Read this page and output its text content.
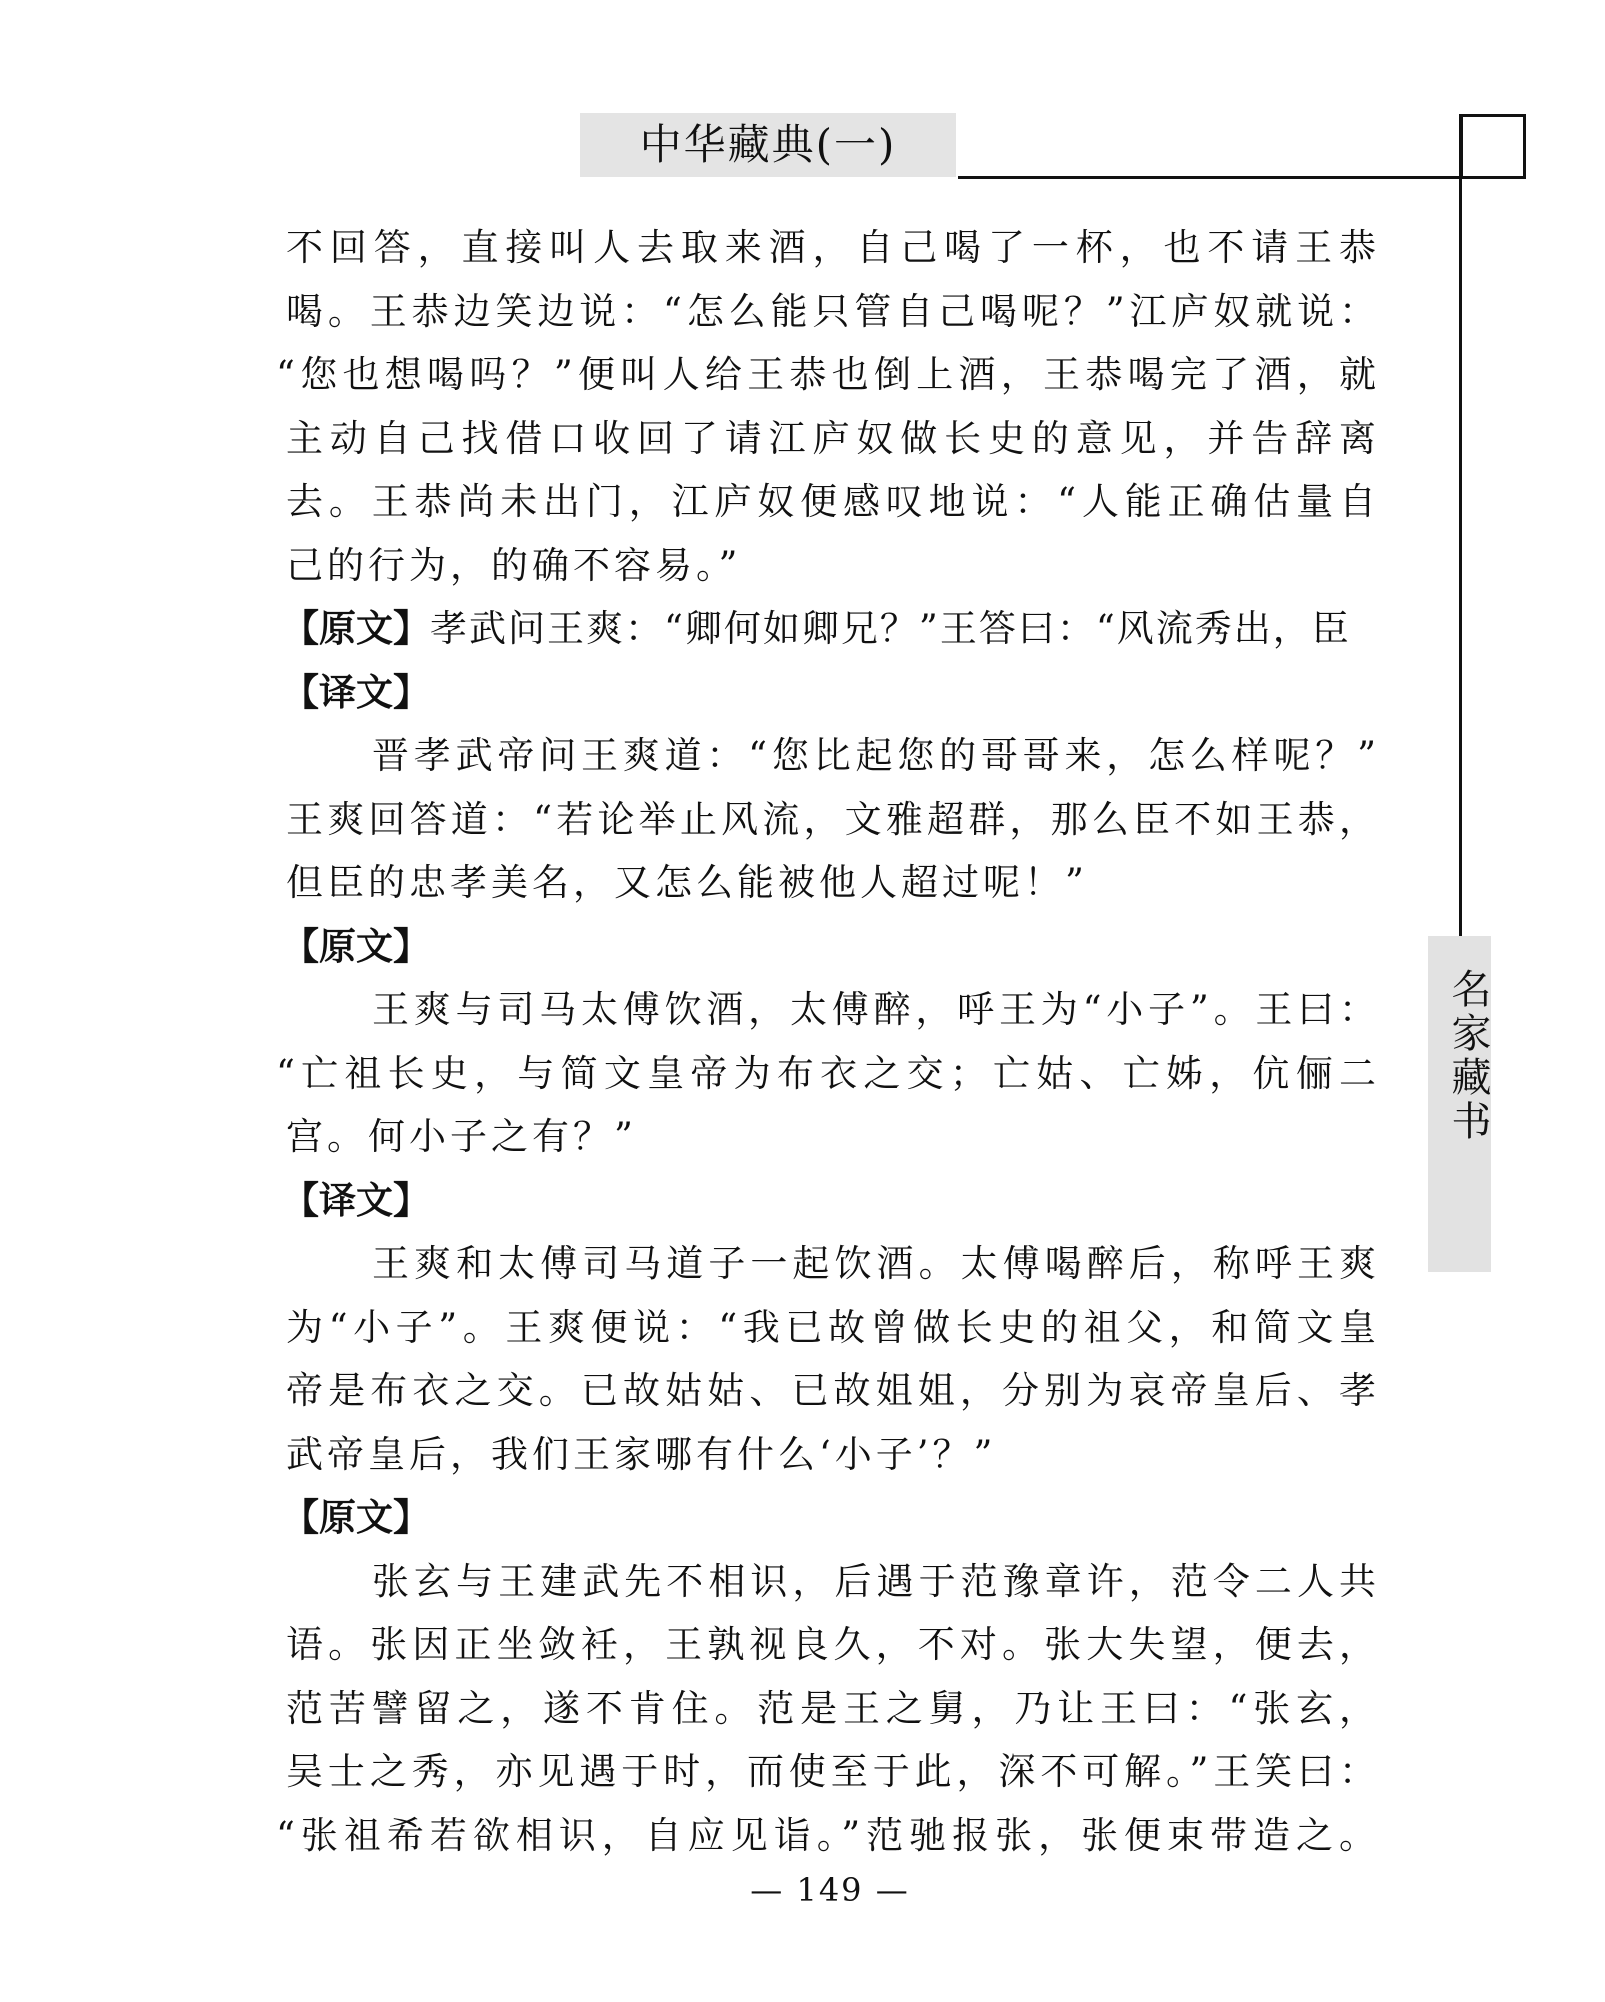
中华藏典(一)
名家藏书
不回答，直接叫人去取来酒，自己喝了一杯，也不请王恭
喝。王恭边笑边说：“怎么能只管自己喝呢？”江庐奴就说：
“您也想喝吗？”便叫人给王恭也倒上酒，王恭喝完了酒，就
主动自己找借口收回了请江庐奴做长史的意见，并告辞离
去。王恭尚未出门，江庐奴便感叹地说：“人能正确估量自
己的行为，的确不容易。”
【原文】孝武问王爽：“卿何如卿兄？”王答曰：“风流秀出，臣
【译文】
晋孝武帝问王爽道：“您比起您的哥哥来，怎么样呢？”
王爽回答道：“若论举止风流，文雅超群，那么臣不如王恭，
但臣的忠孝美名，又怎么能被他人超过呢！”
【原文】
王爽与司马太傅饮酒，太傅醉，呼王为“小子”。王曰：
“亡祖长史，与简文皇帝为布衣之交；亡姑、亡姊，伉俪二
宫。何小子之有？”
【译文】
王爽和太傅司马道子一起饮酒。太傅喝醉后，称呼王爽
为“小子”。王爽便说：“我已故曾做长史的祖父，和简文皇
帝是布衣之交。已故姑姑、已故姐姐，分别为哀帝皇后、孝
武帝皇后，我们王家哪有什么‘小子’？”
【原文】
张玄与王建武先不相识，后遇于范豫章许，范令二人共
语。张因正坐敛衽，王孰视良久，不对。张大失望，便去，
范苦譬留之，遂不肯住。范是王之舅，乃让王曰：“张玄，
吴士之秀，亦见遇于时，而使至于此，深不可解。”王笑曰：
“张祖希若欲相识，自应见诣。”范驰报张，张便束带造之。
— 149 —
